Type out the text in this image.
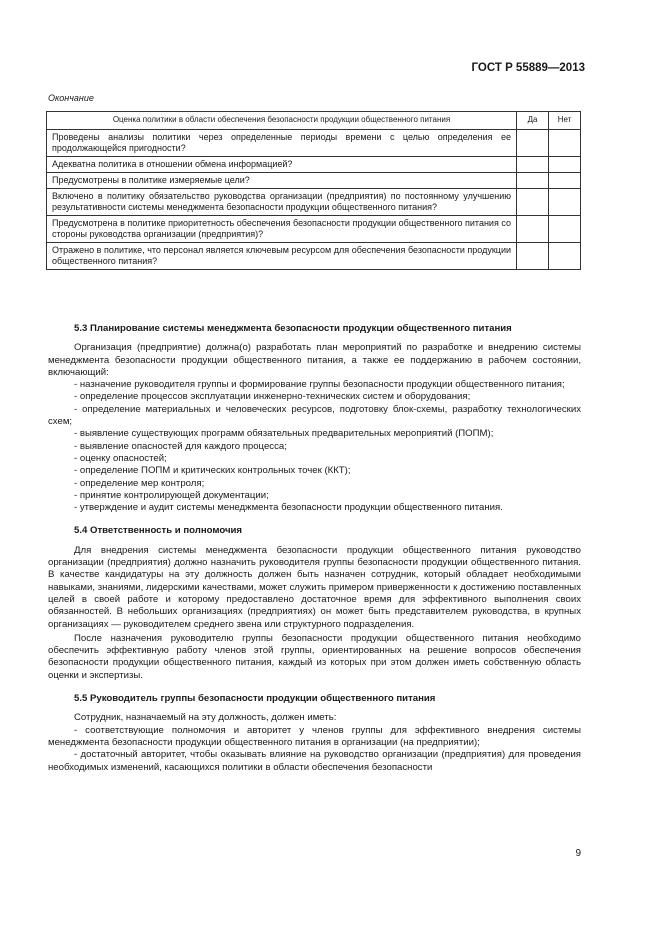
ГОСТ Р 55889—2013
Окончание
Оценка политики в области обеспечения безопасности продукции общественного питания	Да	Нет
Проведены анализы политики через определенные периоды времени с целью определения ее продолжающейся пригодности?		
Адекватна политика в отношении обмена информацией?		
Предусмотрены в политике измеряемые цели?		
Включено в политику обязательство руководства организации (предприятия) по постоянному улучшению результативности системы менеджмента безопасности продукции общественного питания?		
Предусмотрена в политике приоритетность обеспечения безопасности продукции общественного питания со стороны руководства организации (предприятия)?		
Отражено в политике, что персонал является ключевым ресурсом для обеспечения безопасности продукции общественного питания?		

5.3 Планирование системы менеджмента безопасности продукции общественного питания

Организация (предприятие) должна(о) разработать план мероприятий по разработке и внедрению системы менеджмента безопасности продукции общественного питания, а также ее поддержанию в рабочем состоянии, включающий:

- назначение руководителя группы и формирование группы безопасности продукции общественного питания;

- определение процессов эксплуатации инженерно-технических систем и оборудования;

- определение материальных и человеческих ресурсов, подготовку блок-схемы, разработку технологических схем;

- выявление существующих программ обязательных предварительных мероприятий (ПОПМ);

- выявление опасностей для каждого процесса;

- оценку опасностей;

- определение ПОПМ и критических контрольных точек (ККТ);

- определение мер контроля;

- принятие контролирующей документации;

- утверждение и аудит системы менеджмента безопасности продукции общественного питания.

5.4 Ответственность и полномочия

Для внедрения системы менеджмента безопасности продукции общественного питания руководство организации (предприятия) должно назначить руководителя группы безопасности продукции общественного питания. В качестве кандидатуры на эту должность должен быть назначен сотрудник, который обладает необходимыми навыками, знаниями, лидерскими качествами, может служить примером приверженности к достижению поставленных целей в своей работе и которому предоставлено достаточное время для эффективного выполнения своих обязанностей. В небольших организациях (предприятиях) он может быть представителем руководства, в крупных организациях — руководителем среднего звена или структурного подразделения.

После назначения руководителю группы безопасности продукции общественного питания необходимо обеспечить эффективную работу членов этой группы, ориентированных на решение вопросов обеспечения безопасности продукции общественного питания, каждый из которых при этом должен иметь собственную область оценки и экспертизы.

5.5 Руководитель группы безопасности продукции общественного питания

Сотрудник, назначаемый на эту должность, должен иметь:

- соответствующие полномочия и авторитет у членов группы для эффективного внедрения системы менеджмента безопасности продукции общественного питания в организации (на предприятии);

- достаточный авторитет, чтобы оказывать влияние на руководство организации (предприятия) для проведения необходимых изменений, касающихся политики в области обеспечения безопасности

9
